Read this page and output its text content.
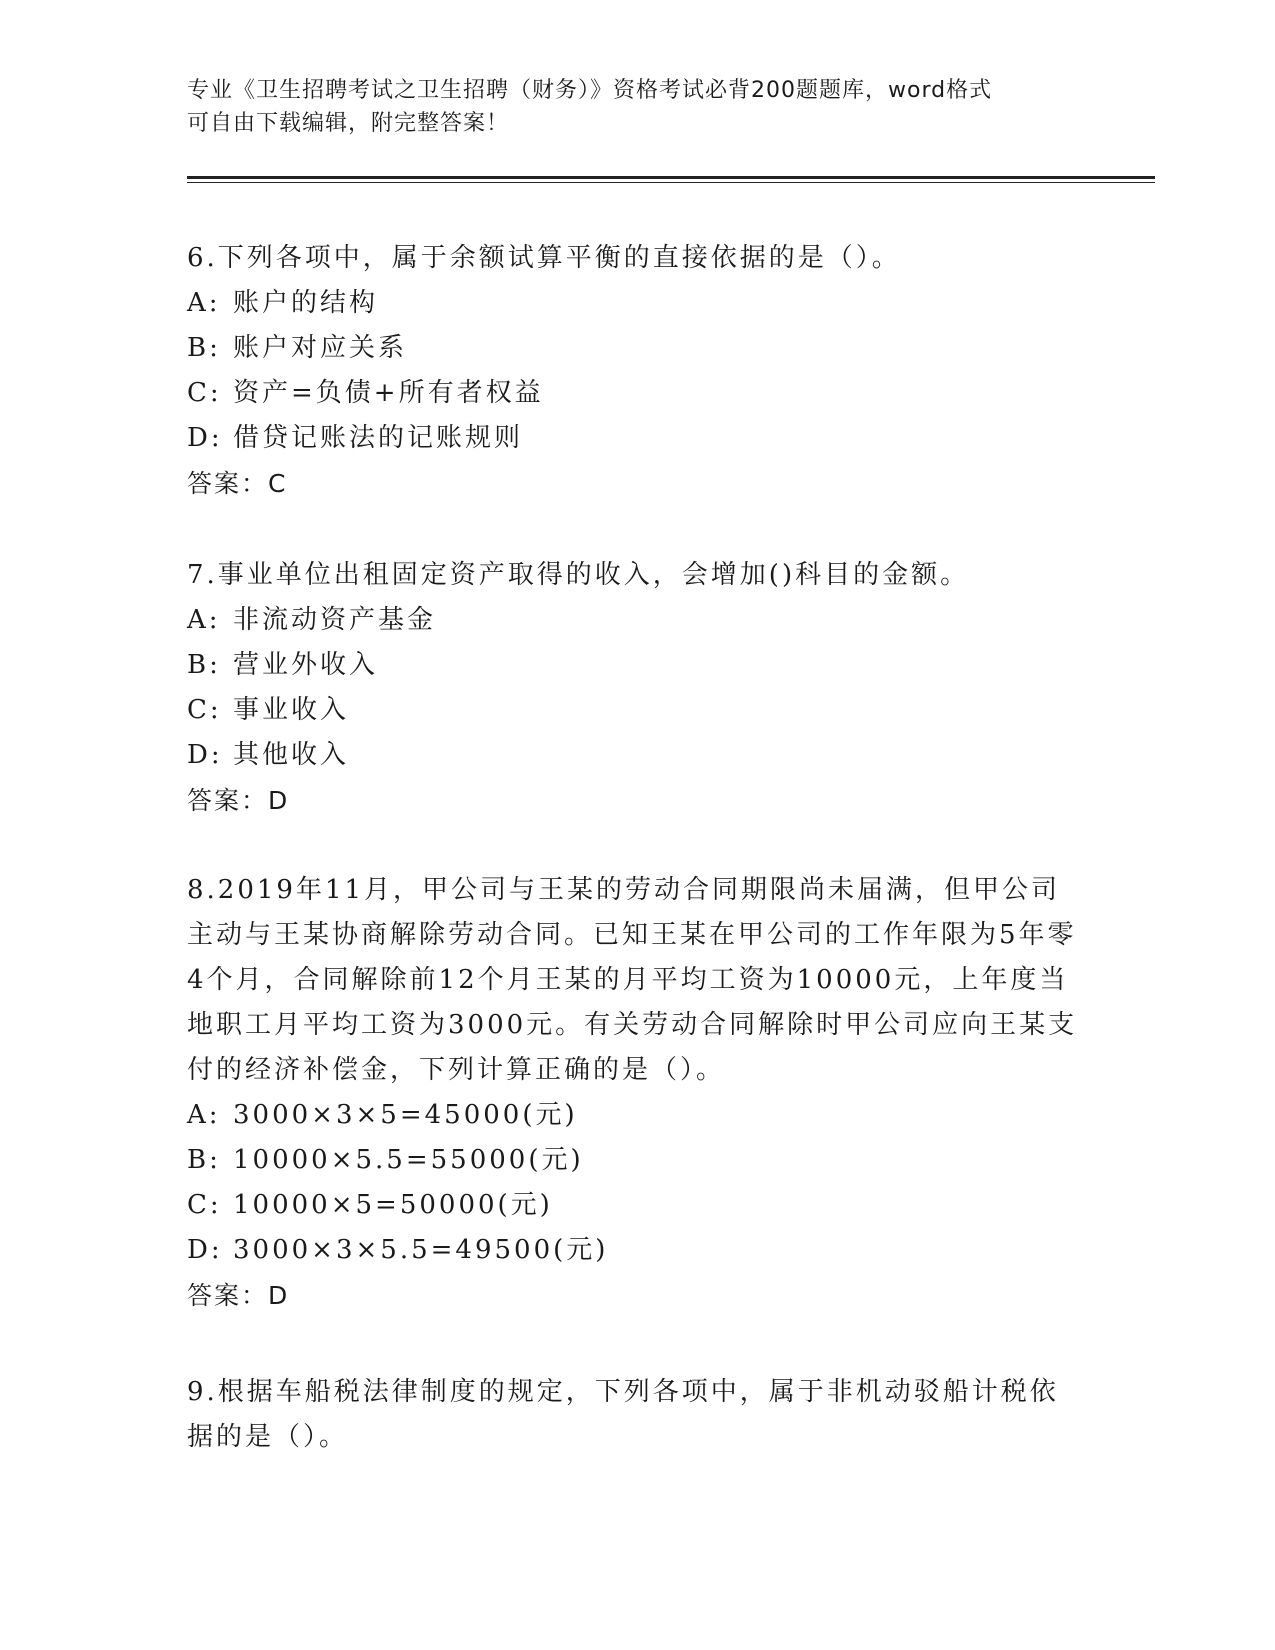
专业《卫生招聘考试之卫生招聘（财务）》资格考试必背200题题库，word格式

可自由下载编辑，附完整答案！

6.下列各项中，属于余额试算平衡的直接依据的是（）。

A: 账户的结构

B: 账户对应关系

C: 资产=负债+所有者权益

D: 借贷记账法的记账规则

答案：C

7.事业单位出租固定资产取得的收入，会增加()科目的金额。

A: 非流动资产基金

B: 营业外收入

C: 事业收入

D: 其他收入

答案：D

8.2019年11月，甲公司与王某的劳动合同期限尚未届满，但甲公司主动与王某协商解除劳动合同。已知王某在甲公司的工作年限为5年零4个月，合同解除前12个月王某的月平均工资为10000元，上年度当地职工月平均工资为3000元。有关劳动合同解除时甲公司应向王某支付的经济补偿金，下列计算正确的是（）。

A: 3000×3×5=45000(元)

B: 10000×5.5=55000(元)

C: 10000×5=50000(元)

D: 3000×3×5.5=49500(元)

答案：D

9.根据车船税法律制度的规定，下列各项中，属于非机动驳船计税依据的是（）。
